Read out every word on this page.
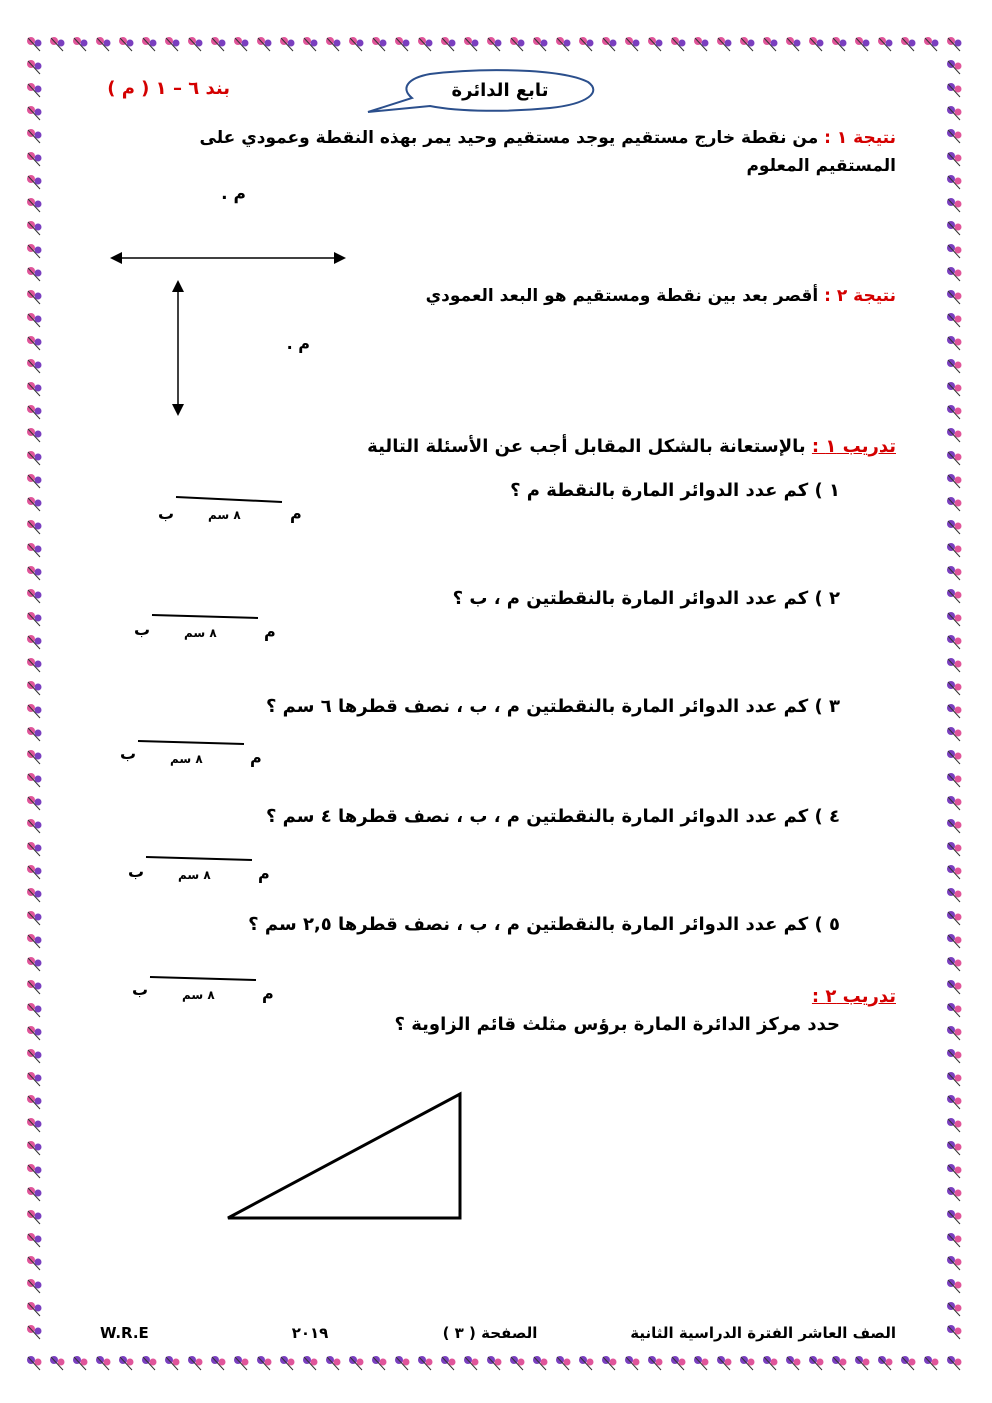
بند ٦ – ١ ( ﻡ )	تابع الدائرة
نتيجة ١ : من نقطة خارج مستقيم يوجد مستقيم وحيد يمر بهذه النقطة وعمودي على المستقيم المعلوم
ﻡ .
نتيجة ٢ : أقصر بعد بين نقطة ومستقيم هو البعد العمودي
ﻡ .
تدريب ١ : بالإستعانة بالشكل المقابل أجب عن الأسئلة التالية
١ ) كم عدد الدوائر المارة بالنقطة ﻡ ؟
٢ ) كم عدد الدوائر المارة بالنقطتين ﻡ ، ب ؟
٣ ) كم عدد الدوائر المارة بالنقطتين ﻡ ، ب ، نصف قطرها ٦ سم ؟
٤ ) كم عدد الدوائر المارة بالنقطتين ﻡ ، ب ، نصف قطرها ٤ سم ؟
٥ ) كم عدد الدوائر المارة بالنقطتين ﻡ ، ب ، نصف قطرها ٢,٥ سم ؟
ﻡ
٨ سم
ب
ﻡ
٨ سم
ب
ﻡ
٨ سم
ب
ﻡ
٨ سم
ب
ﻡ
٨ سم
ب	تدريب ٢ :
حدد مركز الدائرة المارة برؤس مثلث قائم الزاوية ؟
الصف العاشر الفترة الدراسية الثانية
الصفحة ( ٣ )
٢٠١٩
W.R.E
